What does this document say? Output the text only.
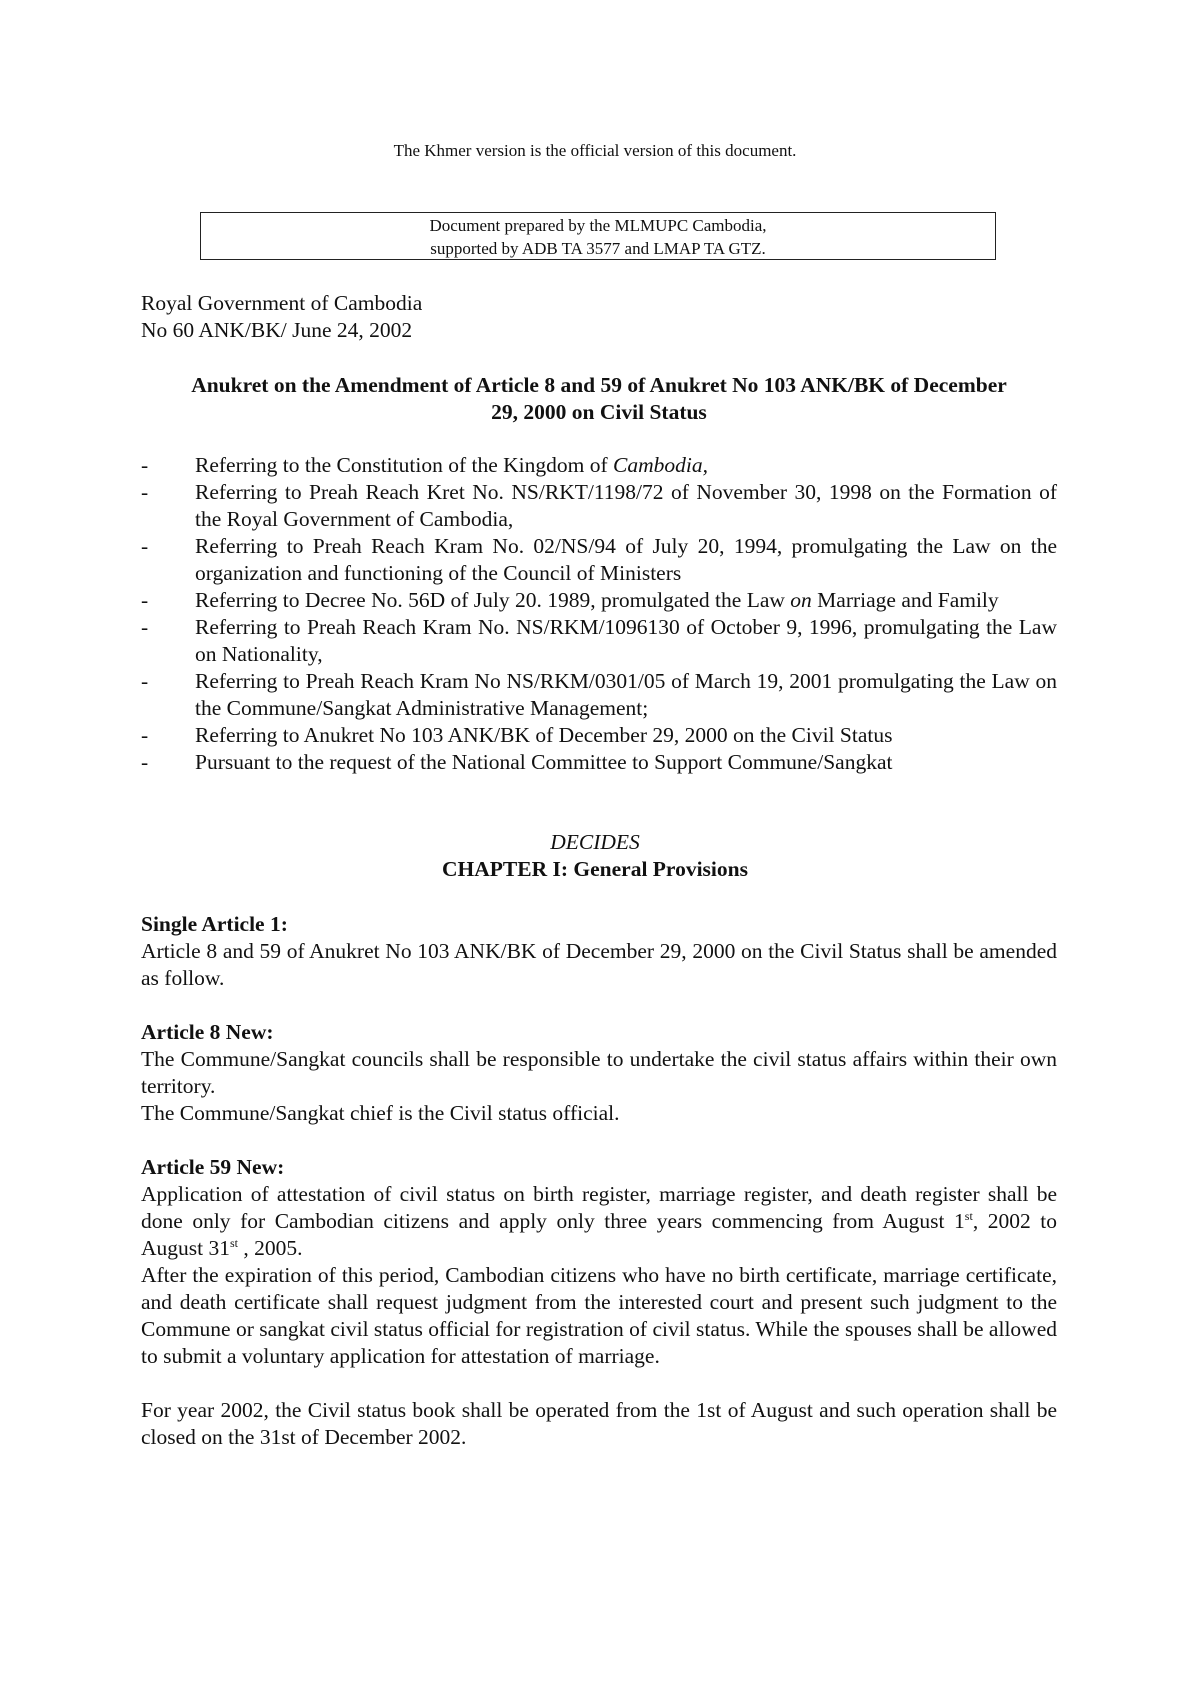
The Khmer version is the official version of this document.
Document prepared by the MLMUPC Cambodia,
supported by ADB TA 3577 and LMAP TA GTZ.
Royal Government of Cambodia
No 60 ANK/BK/ June 24, 2002
Anukret on the Amendment of Article 8 and 59 of Anukret No 103 ANK/BK of December
29, 2000 on Civil Status
- Referring to the Constitution of the Kingdom of Cambodia,
- Referring to Preah Reach Kret No. NS/RKT/1198/72 of November 30, 1998 on the Formation of the Royal Government of Cambodia,
- Referring to Preah Reach Kram No. 02/NS/94 of July 20, 1994, promulgating the Law on the organization and functioning of the Council of Ministers
- Referring to Decree No. 56D of July 20. 1989, promulgated the Law on Marriage and Family
- Referring to Preah Reach Kram No. NS/RKM/1096130 of October 9, 1996, promulgating the Law on Nationality,
- Referring to Preah Reach Kram No NS/RKM/0301/05 of March 19, 2001 promulgating the Law on the Commune/Sangkat Administrative Management;
- Referring to Anukret No 103 ANK/BK of December 29, 2000 on the Civil Status
- Pursuant to the request of the National Committee to Support Commune/Sangkat
DECIDES
CHAPTER I: General Provisions
Single Article 1:
Article 8 and 59 of Anukret No 103 ANK/BK of December 29, 2000 on the Civil Status shall be amended as follow.
Article 8 New:
The Commune/Sangkat councils shall be responsible to undertake the civil status affairs within their own territory.
The Commune/Sangkat chief is the Civil status official.
Article 59 New:
Application of attestation of civil status on birth register, marriage register, and death register shall be done only for Cambodian citizens and apply only three years commencing from August 1st, 2002 to August 31st , 2005.
After the expiration of this period, Cambodian citizens who have no birth certificate, marriage certificate, and death certificate shall request judgment from the interested court and present such judgment to the Commune or sangkat civil status official for registration of civil status. While the spouses shall be allowed to submit a voluntary application for attestation of marriage.
For year 2002, the Civil status book shall be operated from the 1st of August and such operation shall be closed on the 31st of December 2002.
